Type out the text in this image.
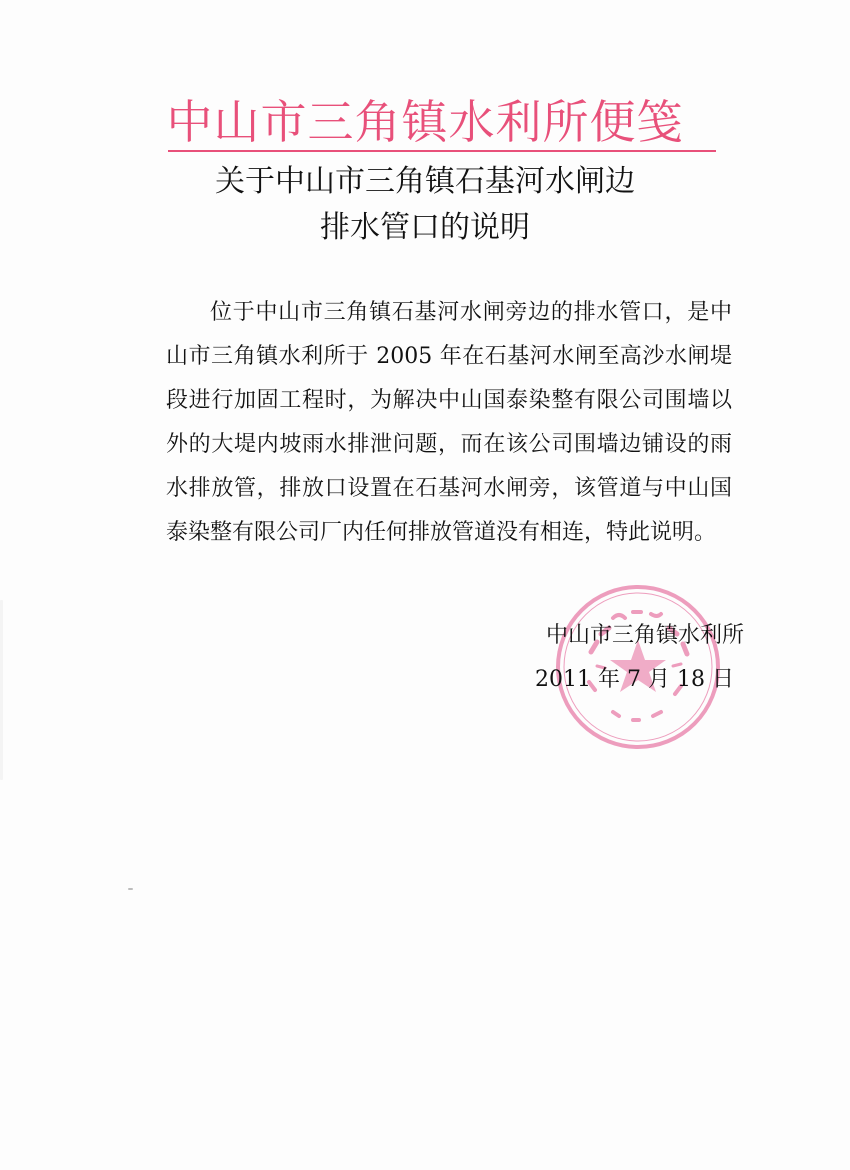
中山市三角镇水利所便笺
关于中山市三角镇石基河水闸边
排水管口的说明

位于中山市三角镇石基河水闸旁边的排水管口，是中山市三角镇水利所于 2005 年在石基河水闸至高沙水闸堤段进行加固工程时，为解决中山国泰染整有限公司围墙以外的大堤内坡雨水排泄问题，而在该公司围墙边铺设的雨水排放管，排放口设置在石基河水闸旁，该管道与中山国泰染整有限公司厂内任何排放管道没有相连，特此说明。

中山市三角镇水利所
2011 年 7 月 18 日
